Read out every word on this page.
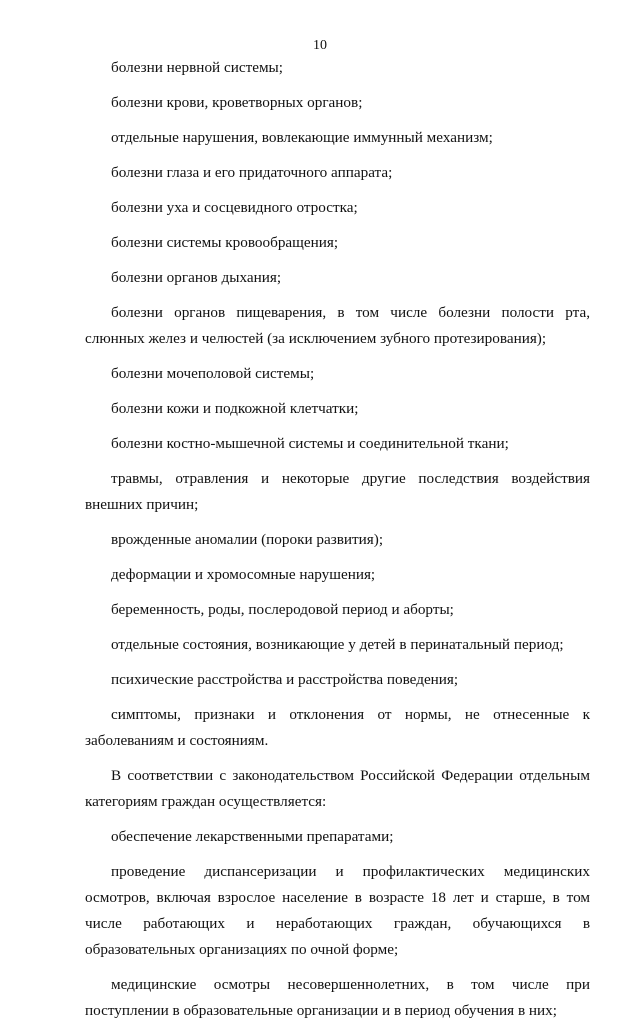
10

болезни нервной системы;

болезни крови, кроветворных органов;

отдельные нарушения, вовлекающие иммунный механизм;

болезни глаза и его придаточного аппарата;

болезни уха и сосцевидного отростка;

болезни системы кровообращения;

болезни органов дыхания;

болезни органов пищеварения, в том числе болезни полости рта, слюнных желез и челюстей (за исключением зубного протезирования);

болезни мочеполовой системы;

болезни кожи и подкожной клетчатки;

болезни костно-мышечной системы и соединительной ткани;

травмы, отравления и некоторые другие последствия воздействия внешних причин;

врожденные аномалии (пороки развития);

деформации и хромосомные нарушения;

беременность, роды, послеродовой период и аборты;

отдельные состояния, возникающие у детей в перинатальный период;

психические расстройства и расстройства поведения;

симптомы, признаки и отклонения от нормы, не отнесенные к заболеваниям и состояниям.

В соответствии с законодательством Российской Федерации отдельным категориям граждан осуществляется:

обеспечение лекарственными препаратами;

проведение диспансеризации и профилактических медицинских осмотров, включая взрослое население в возрасте 18 лет и старше, в том числе работающих и неработающих граждан, обучающихся в образовательных организациях по очной форме;

медицинские осмотры несовершеннолетних, в том числе при поступлении в образовательные организации и в период обучения в них;
